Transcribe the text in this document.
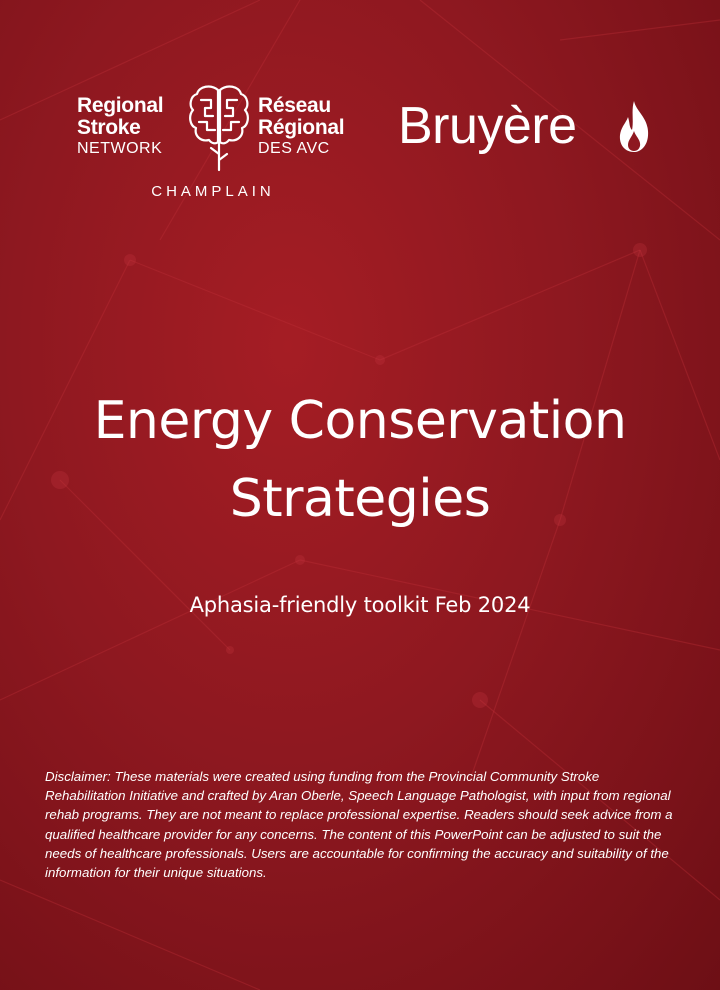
Regional
Stroke
NETWORK
Réseau
Régional
DES AVC
CHAMPLAIN
Bruyère
Energy Conservation
Strategies
Aphasia-friendly toolkit Feb 2024
Disclaimer: These materials were created using funding from the Provincial Community Stroke Rehabilitation Initiative and crafted by Aran Oberle, Speech Language Pathologist, with input from regional rehab programs. They are not meant to replace professional expertise. Readers should seek advice from a qualified healthcare provider for any concerns. The content of this PowerPoint can be adjusted to suit the needs of healthcare professionals. Users are accountable for confirming the accuracy and suitability of the information for their unique situations.
